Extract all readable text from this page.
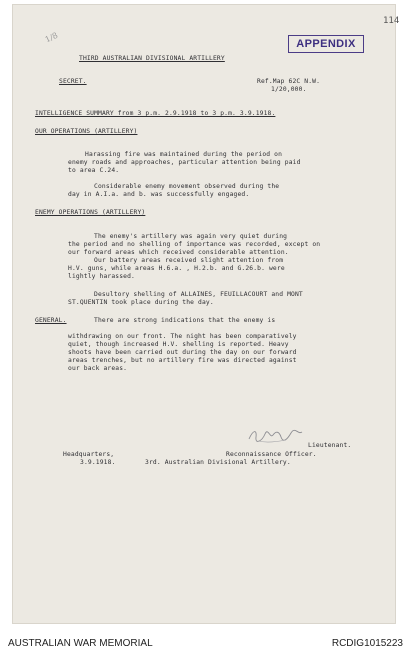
114
1/8	APPENDIX
THIRD AUSTRALIAN DIVISIONAL ARTILLERY
SECRET.	Ref.Map 62C N.W.
1/20,000.
INTELLIGENCE SUMMARY from 3 p.m. 2.9.1918 to 3 p.m. 3.9.1918.
OUR OPERATIONS (ARTILLERY)
Harassing fire was maintained during the period on
enemy roads and approaches, particular attention being paid
to area C.24.
Considerable enemy movement observed during the
day in A.I.a. and b. was successfully engaged.
ENEMY OPERATIONS (ARTILLERY)
The enemy's artillery was again very quiet during
the period and no shelling of importance was recorded, except on
our forward areas which received considerable attention.
Our battery areas received slight attention from
H.V. guns, while areas H.6.a. , H.2.b. and G.26.b. were
lightly harassed.
Desultory shelling of ALLAINES, FEUILLACOURT and MONT
ST.QUENTIN took place during the day.
GENERAL.	There are strong indications that the enemy is
withdrawing on our front. The night has been comparatively
quiet, though increased H.V. shelling is reported. Heavy
shoots have been carried out during the day on our forward
areas trenches, but no artillery fire was directed against
our back areas.
Lieutenant.
Headquarters,	Reconnaissance Officer.
3.9.1918.	3rd. Australian Divisional Artillery.
AUSTRALIAN WAR MEMORIAL	RCDIG1015223
